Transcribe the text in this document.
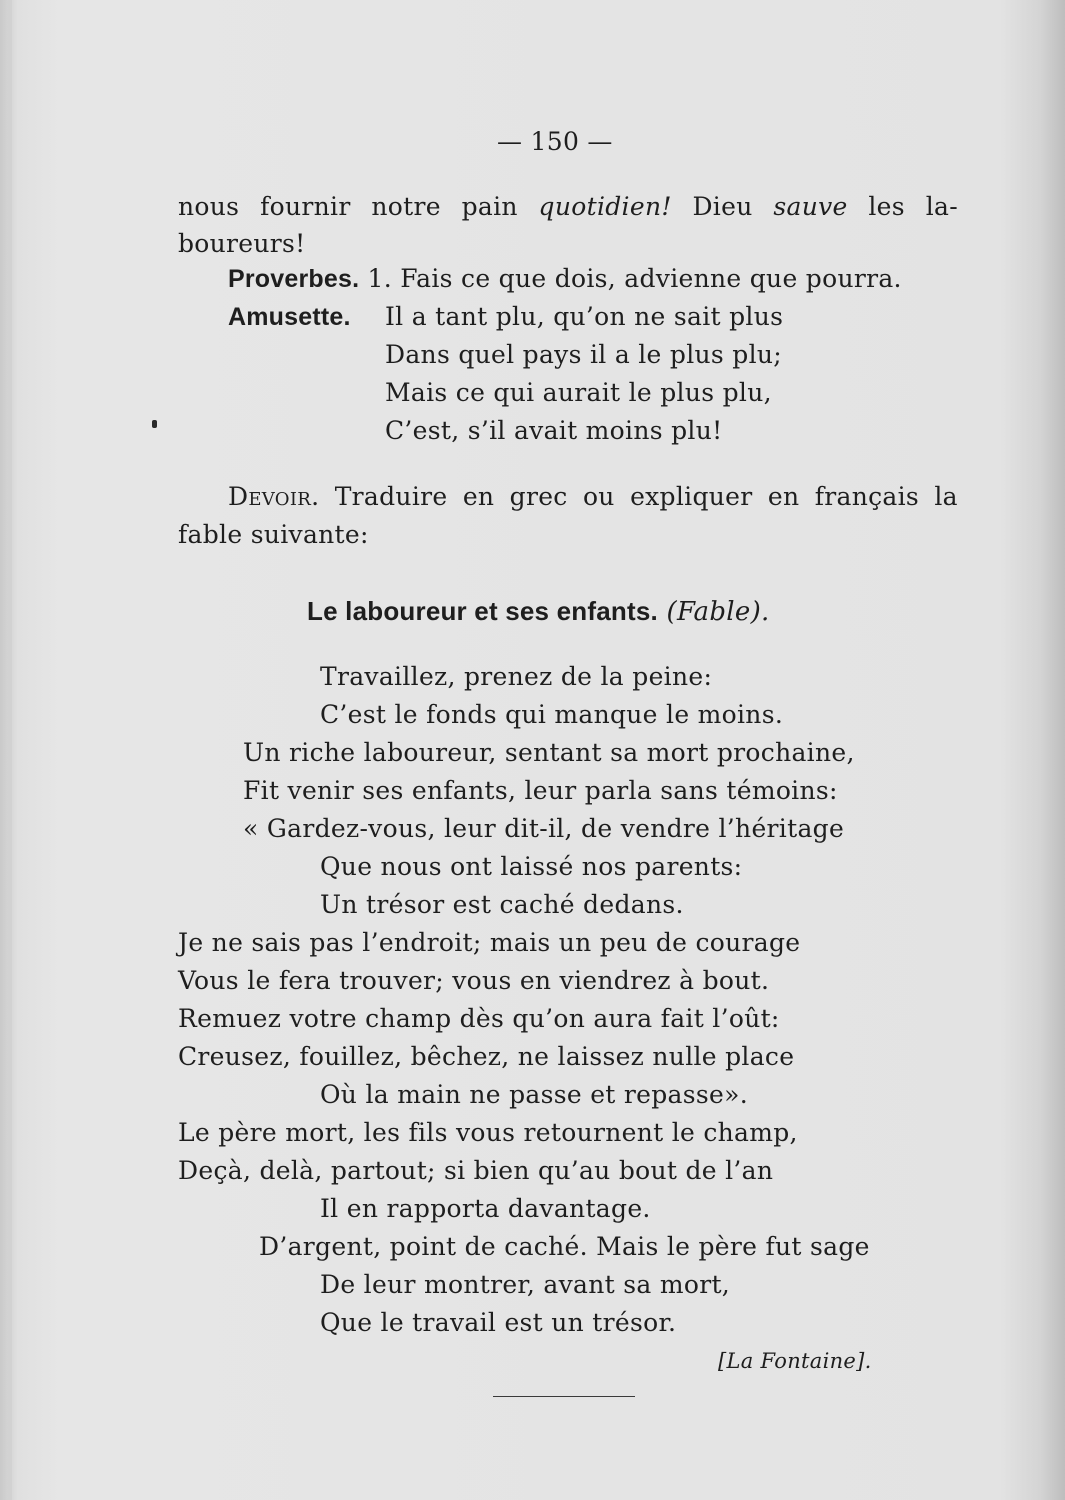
— 150 —
nous fournir notre pain quotidien! Dieu sauve les la-
boureurs!
Proverbes. 1. Fais ce que dois, advienne que pourra.
Amusette. Il a tant plu, qu’on ne sait plus
Dans quel pays il a le plus plu;
Mais ce qui aurait le plus plu,
C’est, s’il avait moins plu!
Devoir. Traduire en grec ou expliquer en français la
fable suivante:
Le laboureur et ses enfants. (Fable).
Travaillez, prenez de la peine:
C’est le fonds qui manque le moins.
Un riche laboureur, sentant sa mort prochaine,
Fit venir ses enfants, leur parla sans témoins:
« Gardez-vous, leur dit-il, de vendre l’héritage
Que nous ont laissé nos parents:
Un trésor est caché dedans.
Je ne sais pas l’endroit; mais un peu de courage
Vous le fera trouver; vous en viendrez à bout.
Remuez votre champ dès qu’on aura fait l’oût:
Creusez, fouillez, bêchez, ne laissez nulle place
Où la main ne passe et repasse».
Le père mort, les fils vous retournent le champ,
Deçà, delà, partout; si bien qu’au bout de l’an
Il en rapporta davantage.
D’argent, point de caché. Mais le père fut sage
De leur montrer, avant sa mort,
Que le travail est un trésor.
[La Fontaine].
